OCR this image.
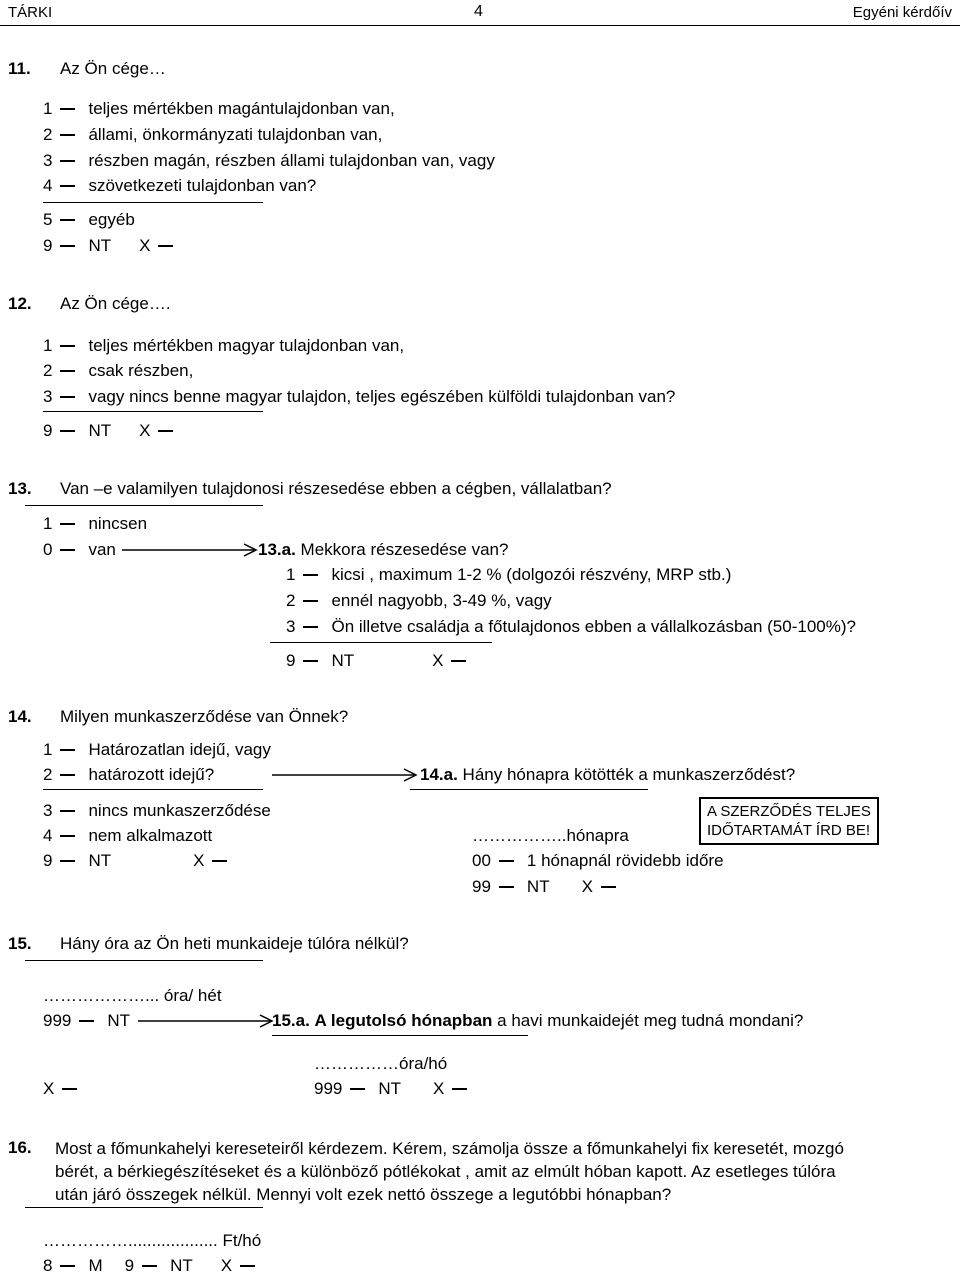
TÁRKI	4	Egyéni kérdőív
11. Az Ön cége…
1 teljes mértékben magántulajdonban van,
2 állami, önkormányzati tulajdonban van,
3 részben magán, részben állami tulajdonban van, vagy
4 szövetkezeti tulajdonban van?
5 egyéb
9 NT X
12. Az Ön cége….
1 teljes mértékben magyar tulajdonban van,
2 csak részben,
3 vagy nincs benne magyar tulajdon, teljes egészében külföldi tulajdonban van?
9 NT X
13. Van –e valamilyen tulajdonosi részesedése ebben a cégben, vállalatban?
1 nincsen
0 van	13.a. Mekkora részesedése van?
1 kicsi , maximum 1-2 % (dolgozói részvény, MRP stb.)
2 ennél nagyobb, 3-49 %, vagy
3 Ön illetve családja a főtulajdonos ebben a vállalkozásban (50-100%)?
9 NT	X
14. Milyen munkaszerződése van Önnek?
1 Határozatlan idejű, vagy
2 határozott idejű?	14.a. Hány hónapra kötötték a munkaszerződést?
3 nincs munkaszerződése
4 nem alkalmazott
9 NT	X
……………..hónapra
00 1 hónapnál rövidebb időre
99 NT X
A SZERZŐDÉS TELJES
IDŐTARTAMÁT ÍRD BE!
15. Hány óra az Ön heti munkaideje túlóra nélkül?
………………... óra/ hét
999 NT	15.a. A legutolsó hónapban a havi munkaidejét meg tudná mondani?
……………óra/hó
X	999 NT X
16. Most a főmunkahelyi kereseteiről kérdezem. Kérem, számolja össze a főmunkahelyi fix keresetét, mozgó
bérét, a bérkiegészítéseket és a különböző pótlékokat , amit az elmúlt hóban kapott. Az esetleges túlóra
után járó összegek nélkül. Mennyi volt ezek nettó összege a legutóbbi hónapban?
……………................... Ft/hó
8 M 9 NT X
